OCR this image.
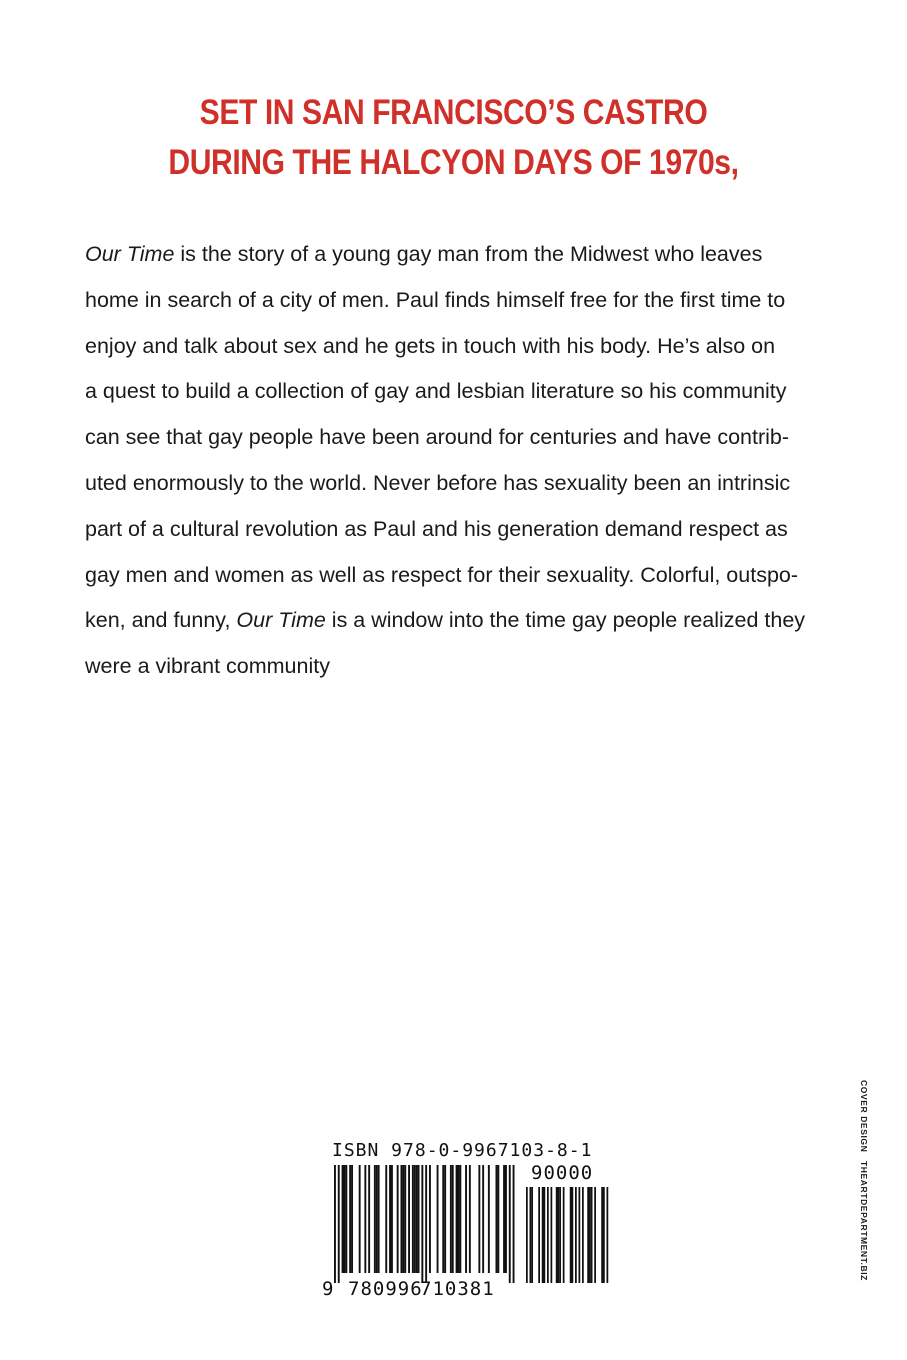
SET IN SAN FRANCISCO’S CASTRO
DURING THE HALCYON DAYS OF 1970s,
Our Time is the story of a young gay man from the Midwest who leaves
home in search of a city of men. Paul finds himself free for the first time to
enjoy and talk about sex and he gets in touch with his body. He’s also on
a quest to build a collection of gay and lesbian literature so his community
can see that gay people have been around for centuries and have contrib-
uted enormously to the world. Never before has sexuality been an intrinsic
part of a cultural revolution as Paul and his generation demand respect as
gay men and women as well as respect for their sexuality. Colorful, outspo-
ken, and funny, Our Time is a window into the time gay people realized they
were a vibrant community
COVER DESIGN THEARTDEPARTMENT.BIZ
ISBN 978-0-9967103-8-1
90000
9 780996
710381
